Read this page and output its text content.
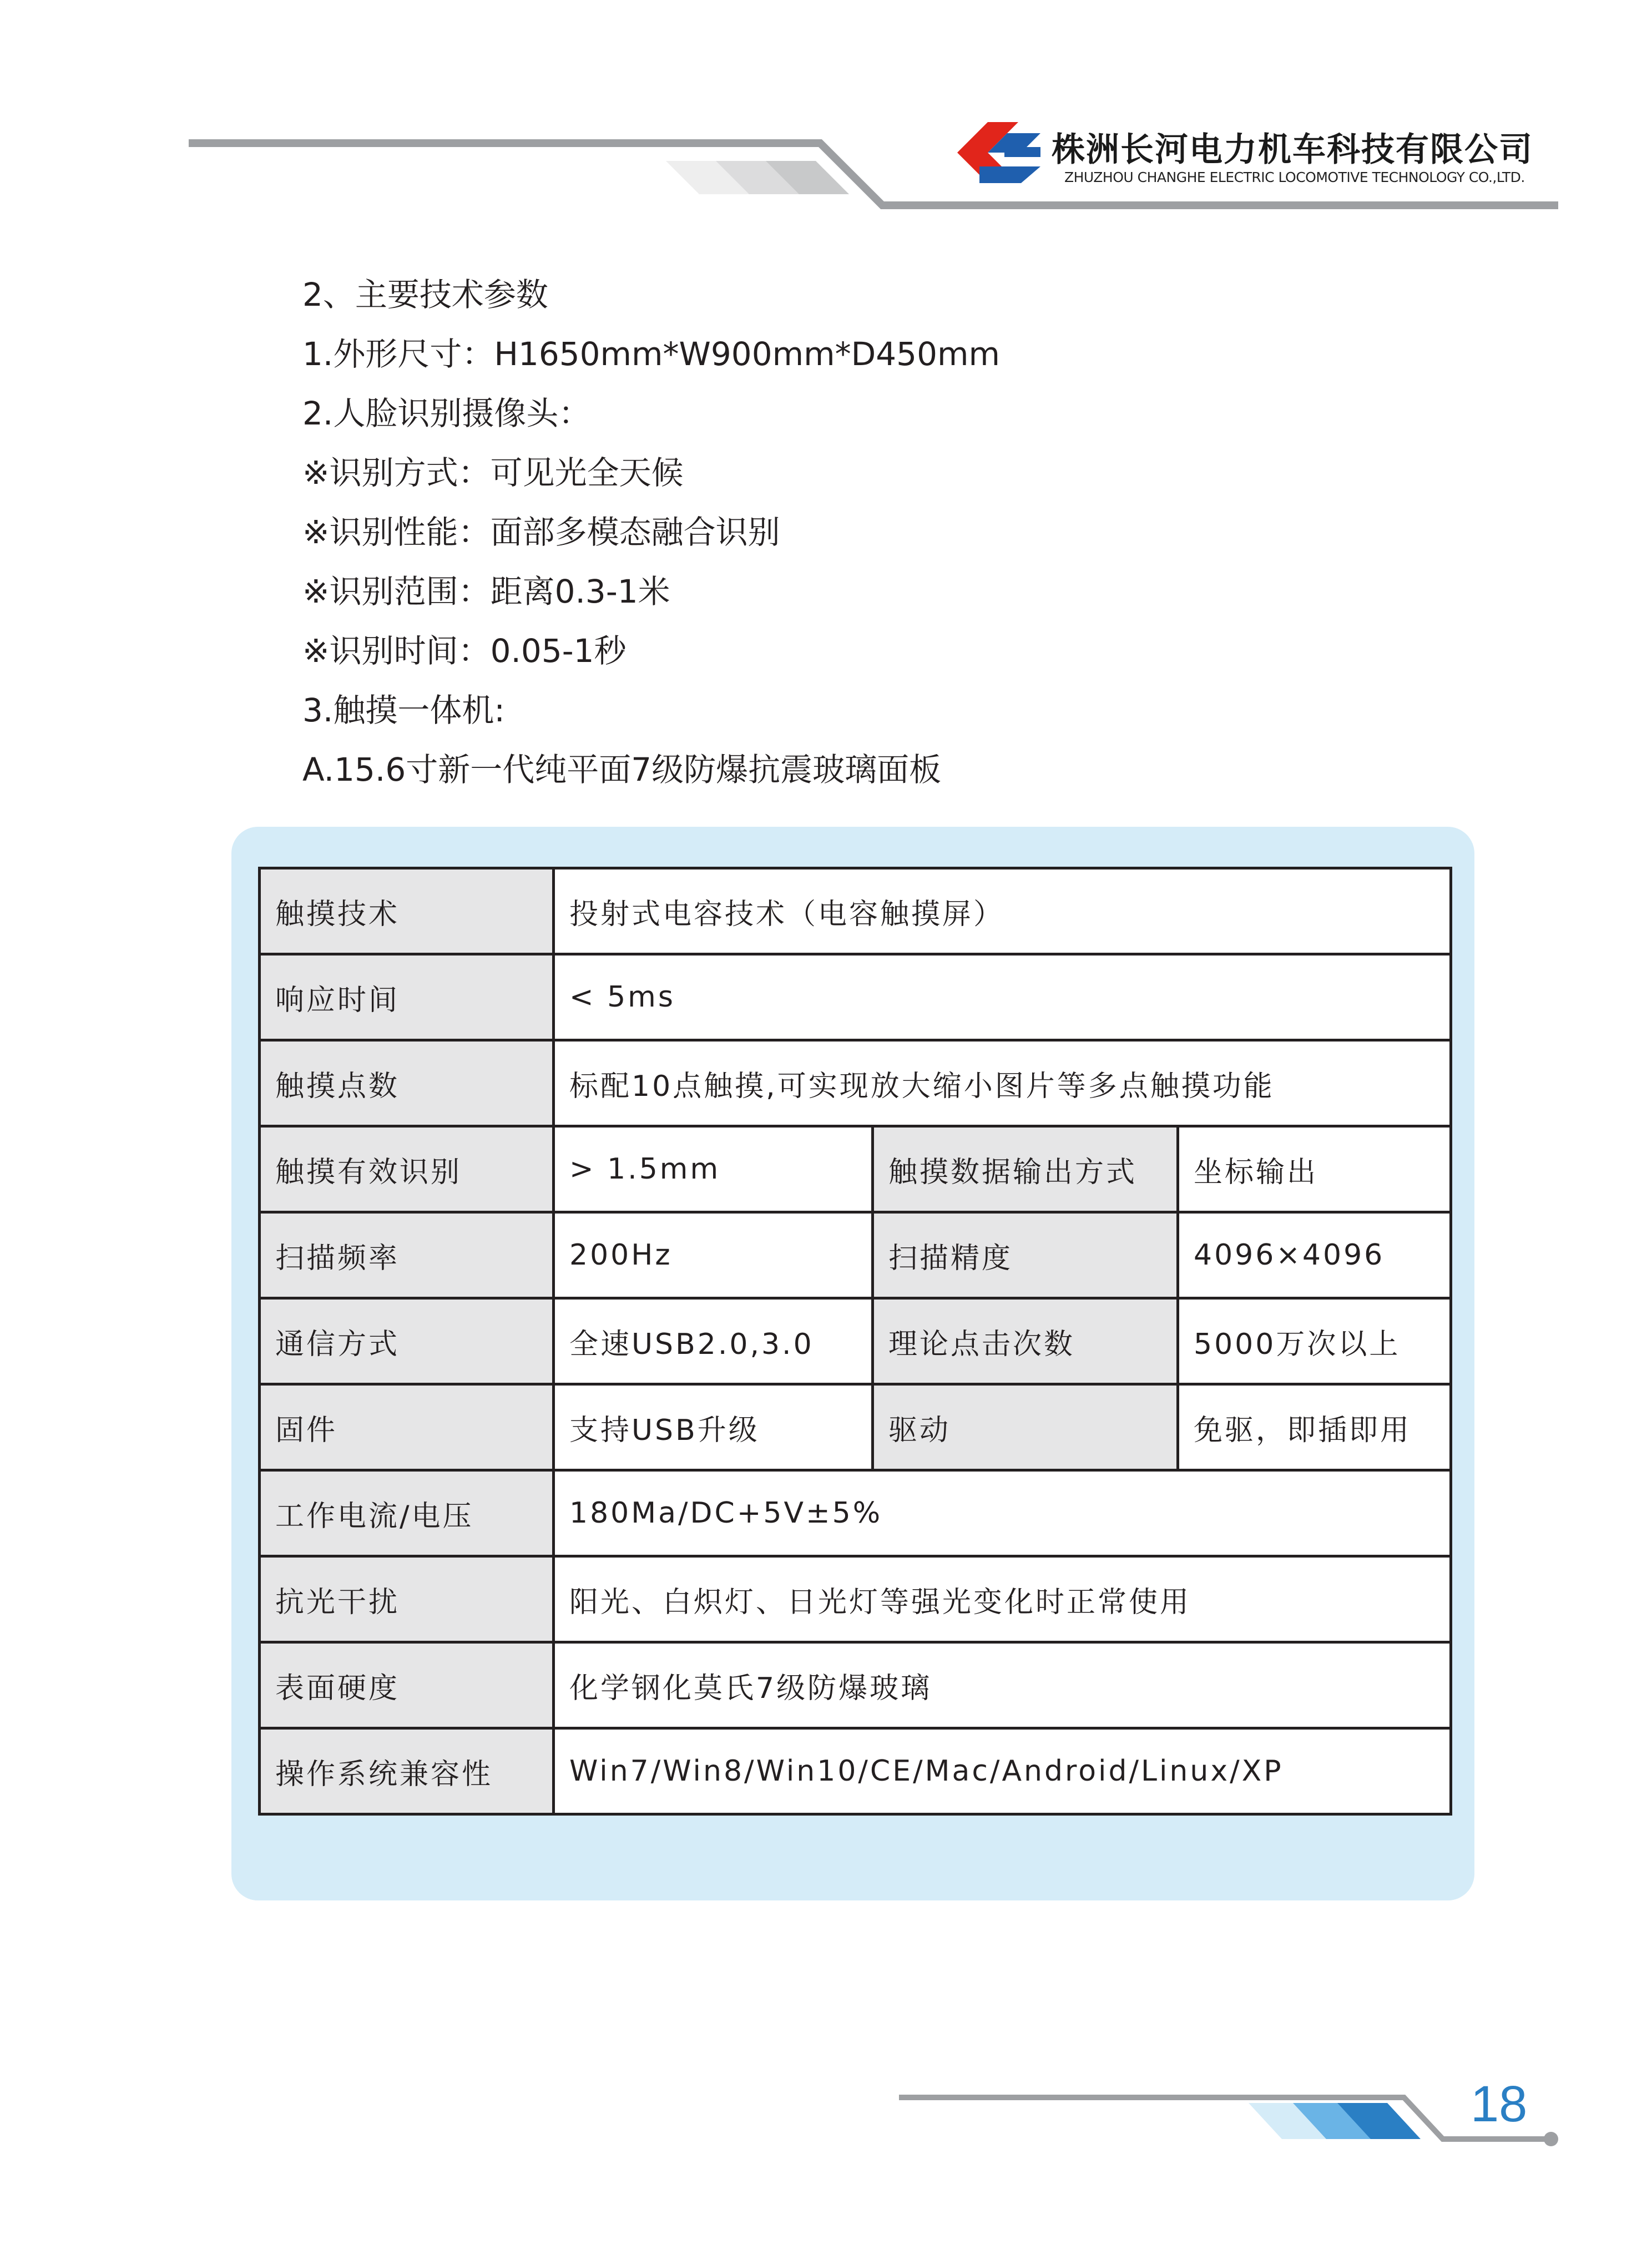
株洲长河电力机车科技有限公司
ZHUZHOU CHANGHE ELECTRIC LOCOMOTIVE TECHNOLOGY CO.,LTD.
2、主要技术参数
1.外形尺寸：H1650mm*W900mm*D450mm
2.人脸识别摄像头：
※识别方式：可见光全天候
※识别性能：面部多模态融合识别
※识别范围：距离0.3-1米
※识别时间：0.05-1秒
3.触摸一体机:
A.15.6寸新一代纯平面7级防爆抗震玻璃面板
触摸技术	投射式电容技术（电容触摸屏）		
响应时间	< 5ms		
触摸点数	标配10点触摸,可实现放大缩小图片等多点触摸功能		
触摸有效识别	> 1.5mm	触摸数据输出方式	坐标输出
扫描频率	200Hz	扫描精度	4096×4096
通信方式	全速USB2.0,3.0	理论点击次数	5000万次以上
固件	支持USB升级	驱动	免驱，即插即用
工作电流/电压	180Ma/DC+5V±5%		
抗光干扰	阳光、白炽灯、日光灯等强光变化时正常使用		
表面硬度	化学钢化莫氏7级防爆玻璃		
操作系统兼容性	Win7/Win8/Win10/CE/Mac/Android/Linux/XP		
18
